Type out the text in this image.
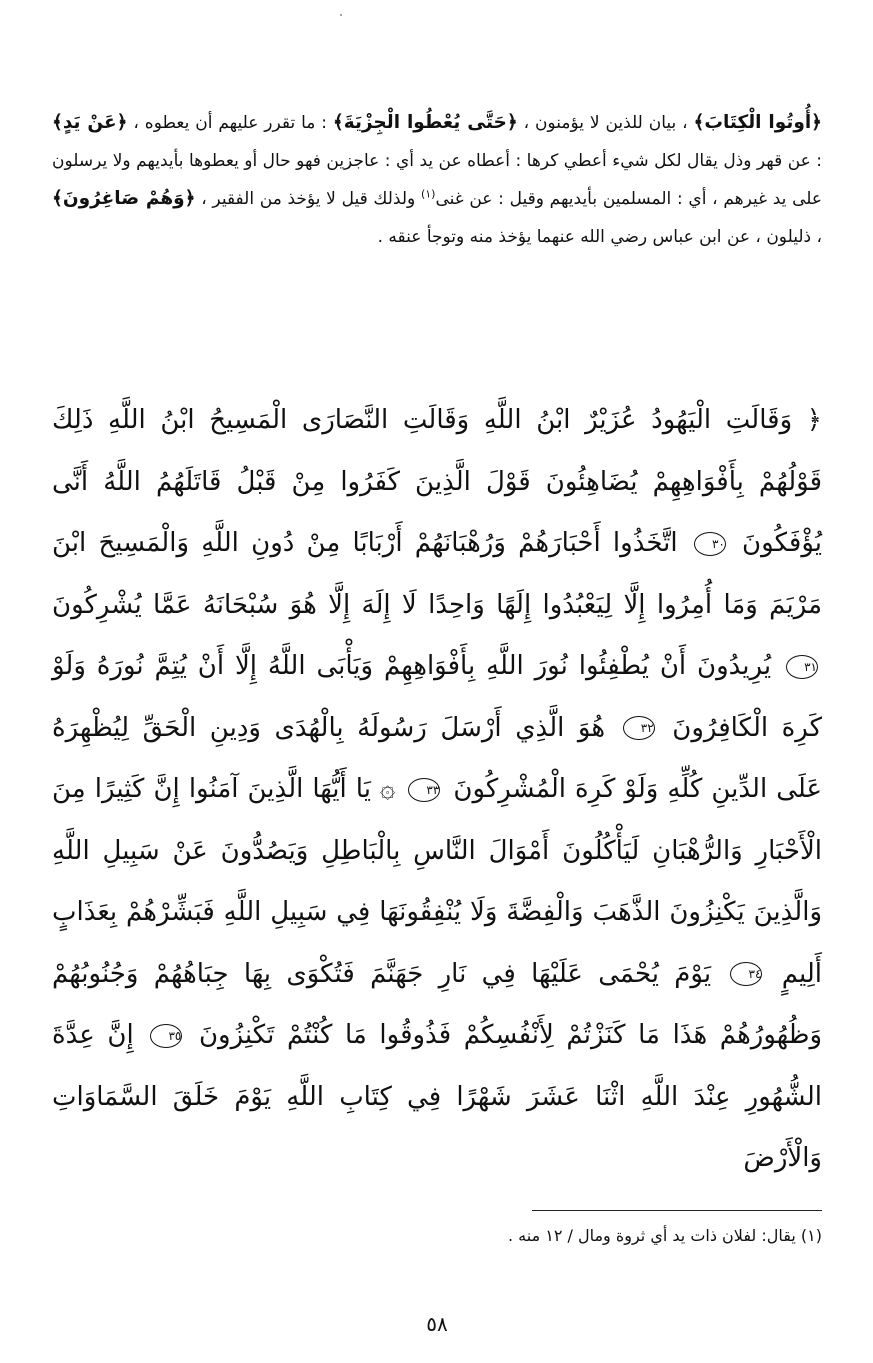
﴿أُوتُوا الْكِتَابَ﴾ ، بيان للذين لا يؤمنون ، ﴿حَتَّى يُعْطُوا الْجِزْيَةَ﴾ : ما تقرر عليهم أن يعطوه ، ﴿عَنْ يَدٍ﴾ : عن قهر وذل يقال لكل شيء أعطي كرها : أعطاه عن يد أي : عاجزين فهو حال أو يعطوها بأيديهم ولا يرسلون على يد غيرهم ، أي : المسلمين بأيديهم وقيل : عن غنى$^{(١)}$ ولذلك قيل لا يؤخذ من الفقير ، ﴿وَهُمْ صَاغِرُونَ﴾ ، ذليلون ، عن ابن عباس رضي الله عنهما يؤخذ منه وتوجأ عنقه .
﴿ وَقَالَتِ الْيَهُودُ عُزَيْرٌ ابْنُ اللَّهِ وَقَالَتِ النَّصَارَى الْمَسِيحُ ابْنُ اللَّهِ ذَلِكَ قَوْلُهُمْ بِأَفْوَاهِهِمْ يُضَاهِئُونَ قَوْلَ الَّذِينَ كَفَرُوا مِنْ قَبْلُ قَاتَلَهُمُ اللَّهُ أَنَّى يُؤْفَكُونَ ٣٠ اتَّخَذُوا أَحْبَارَهُمْ وَرُهْبَانَهُمْ أَرْبَابًا مِنْ دُونِ اللَّهِ وَالْمَسِيحَ ابْنَ مَرْيَمَ وَمَا أُمِرُوا إِلَّا لِيَعْبُدُوا إِلَهًا وَاحِدًا لَا إِلَهَ إِلَّا هُوَ سُبْحَانَهُ عَمَّا يُشْرِكُونَ ٣١ يُرِيدُونَ أَنْ يُطْفِئُوا نُورَ اللَّهِ بِأَفْوَاهِهِمْ وَيَأْبَى اللَّهُ إِلَّا أَنْ يُتِمَّ نُورَهُ وَلَوْ كَرِهَ الْكَافِرُونَ ٣٢ هُوَ الَّذِي أَرْسَلَ رَسُولَهُ بِالْهُدَى وَدِينِ الْحَقِّ لِيُظْهِرَهُ عَلَى الدِّينِ كُلِّهِ وَلَوْ كَرِهَ الْمُشْرِكُونَ ٣٣ ۞ يَا أَيُّهَا الَّذِينَ آمَنُوا إِنَّ كَثِيرًا مِنَ الْأَحْبَارِ وَالرُّهْبَانِ لَيَأْكُلُونَ أَمْوَالَ النَّاسِ بِالْبَاطِلِ وَيَصُدُّونَ عَنْ سَبِيلِ اللَّهِ وَالَّذِينَ يَكْنِزُونَ الذَّهَبَ وَالْفِضَّةَ وَلَا يُنْفِقُونَهَا فِي سَبِيلِ اللَّهِ فَبَشِّرْهُمْ بِعَذَابٍ أَلِيمٍ ٣٤ يَوْمَ يُحْمَى عَلَيْهَا فِي نَارِ جَهَنَّمَ فَتُكْوَى بِهَا جِبَاهُهُمْ وَجُنُوبُهُمْ وَظُهُورُهُمْ هَذَا مَا كَنَزْتُمْ لِأَنْفُسِكُمْ فَذُوقُوا مَا كُنْتُمْ تَكْنِزُونَ ٣٥ إِنَّ عِدَّةَ الشُّهُورِ عِنْدَ اللَّهِ اثْنَا عَشَرَ شَهْرًا فِي كِتَابِ اللَّهِ يَوْمَ خَلَقَ السَّمَاوَاتِ وَالْأَرْضَ
(١) يقال: لفلان ذات يد أي ثروة ومال / ١٢ منه .
٥٨
